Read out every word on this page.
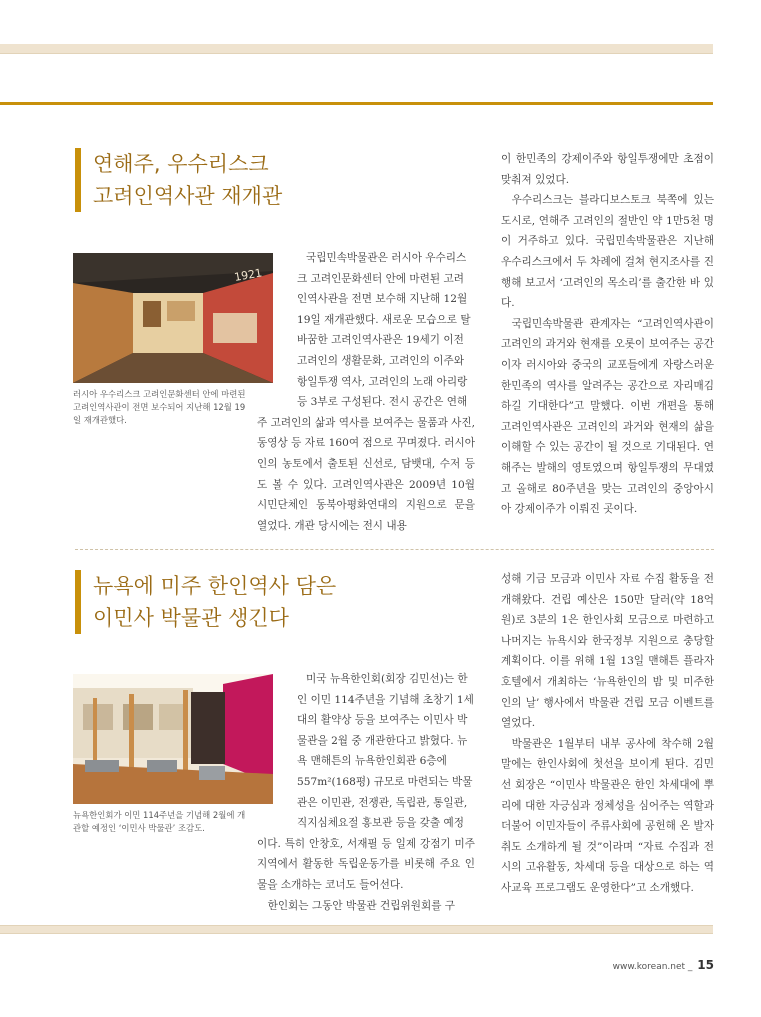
연해주, 우수리스크
고려인역사관 재개관
1921
러시아 우수리스크 고려인문화센터 안에 마련된 고려인역사관이 전면 보수되어 지난해 12월 19일 재개관했다.
국립민속박물관은 러시아 우수리스
크 고려인문화센터 안에 마련된 고려
인역사관을 전면 보수해 지난해 12월
19일 재개관했다. 새로운 모습으로 탈
바꿈한 고려인역사관은 19세기 이전
고려인의 생활문화, 고려인의 이주와
항일투쟁 역사, 고려인의 노래 아리랑
등 3부로 구성된다. 전시 공간은 연해

주 고려인의 삶과 역사를 보여주는 물품과 사진, 동영상 등 자료 160여 점으로 꾸며졌다. 러시아인의 농토에서 출토된 신선로, 담뱃대, 수저 등도 볼 수 있다. 고려인역사관은 2009년 10월 시민단체인 동북아평화연대의 지원으로 문을 열었다. 개관 당시에는 전시 내용

이 한민족의 강제이주와 항일투쟁에만 초점이 맞춰져 있었다.

우수리스크는 블라디보스토크 북쪽에 있는 도시로, 연해주 고려인의 절반인 약 1만5천 명이 거주하고 있다. 국립민속박물관은 지난해 우수리스크에서 두 차례에 걸쳐 현지조사를 진행해 보고서 ‘고려인의 목소리’를 출간한 바 있다.

국립민속박물관 관계자는 “고려인역사관이 고려인의 과거와 현재를 오롯이 보여주는 공간이자 러시아와 중국의 교포들에게 자랑스러운 한민족의 역사를 알려주는 공간으로 자리매김하길 기대한다”고 말했다. 이번 개편을 통해 고려인역사관은 고려인의 과거와 현재의 삶을 이해할 수 있는 공간이 될 것으로 기대된다. 연해주는 발해의 영토였으며 항일투쟁의 무대였고 올해로 80주년을 맞는 고려인의 중앙아시아 강제이주가 이뤄진 곳이다.

뉴욕에 미주 한인역사 담은
이민사 박물관 생긴다
뉴욕한인회가 이민 114주년을 기념해 2월에 개관할 예정인 ‘이민사 박물관’ 조감도.
미국 뉴욕한인회(회장 김민선)는 한
인 이민 114주년을 기념해 초창기 1세
대의 활약상 등을 보여주는 이민사 박
물관을 2월 중 개관한다고 밝혔다. 뉴
욕 맨해튼의 뉴욕한인회관 6층에
557m²(168평) 규모로 마련되는 박물
관은 이민관, 전쟁관, 독립관, 통일관,
직지심체요절 홍보관 등을 갖출 예정

이다. 특히 안창호, 서재필 등 일제 강점기 미주지역에서 활동한 독립운동가를 비롯해 주요 인물을 소개하는 코너도 들어선다.

한인회는 그동안 박물관 건립위원회를 구

성해 기금 모금과 이민사 자료 수집 활동을 전개해왔다. 건립 예산은 150만 달러(약 18억원)로 3분의 1은 한인사회 모금으로 마련하고 나머지는 뉴욕시와 한국정부 지원으로 충당할 계획이다. 이를 위해 1월 13일 맨해튼 플라자호텔에서 개최하는 ‘뉴욕한인의 밤 및 미주한인의 날’ 행사에서 박물관 건립 모금 이벤트를 열었다.

박물관은 1월부터 내부 공사에 착수해 2월 말에는 한인사회에 첫선을 보이게 된다. 김민선 회장은 “이민사 박물관은 한인 차세대에 뿌리에 대한 자긍심과 정체성을 심어주는 역할과 더불어 이민자들이 주류사회에 공헌해 온 발자취도 소개하게 될 것”이라며 “자료 수집과 전시의 고유활동, 차세대 등을 대상으로 하는 역사교육 프로그램도 운영한다”고 소개했다.

www.korean.net _ 15
